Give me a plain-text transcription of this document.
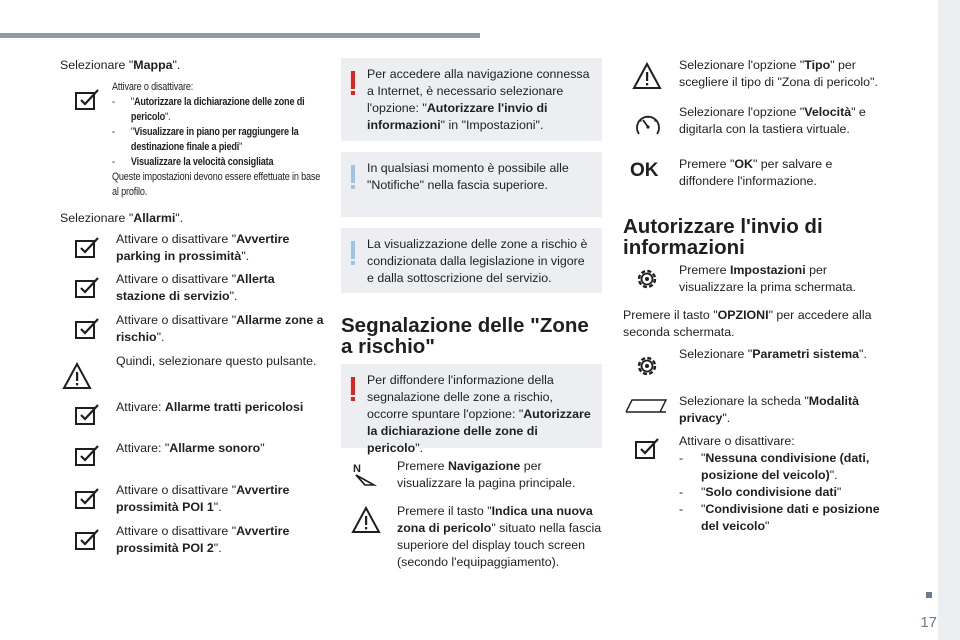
17
Selezionare "Mappa".
Attivare o disattivare:
- "Autorizzare la dichiarazione delle zone di pericolo".
- "Visualizzare in piano per raggiungere la destinazione finale a piedi"
- Visualizzare la velocità consigliata
Queste impostazioni devono essere effettuate in base al profilo.
Selezionare "Allarmi".
Attivare o disattivare "Avvertire parking in prossimità".
Attivare o disattivare "Allerta stazione di servizio".
Attivare o disattivare "Allarme zone a rischio".
Quindi, selezionare questo pulsante.
Attivare: Allarme tratti pericolosi
Attivare: "Allarme sonoro"
Attivare o disattivare "Avvertire prossimità POI 1".
Attivare o disattivare "Avvertire prossimità POI 2".

Per accedere alla navigazione connessa a Internet, è necessario selezionare l'opzione: "Autorizzare l'invio di informazioni" in "Impostazioni".

In qualsiasi momento è possibile alle "Notifiche" nella fascia superiore.

La visualizzazione delle zone a rischio è condizionata dalla legislazione in vigore e dalla sottoscrizione del servizio.

Segnalazione delle "Zone a rischio"

Per diffondere l'informazione della segnalazione delle zone a rischio, occorre spuntare l'opzione: "Autorizzare la dichiarazione delle zone di pericolo".

N	Premere Navigazione per visualizzare la pagina principale.
Premere il tasto "Indica una nuova zona di pericolo" situato nella fascia superiore del display touch screen (secondo l'equipaggiamento).
Selezionare l'opzione "Tipo" per scegliere il tipo di "Zona di pericolo".
Selezionare l'opzione "Velocità" e digitarla con la tastiera virtuale.
OK	Premere "OK" per salvare e diffondere l'informazione.
Autorizzare l'invio di informazioni
Premere Impostazioni per visualizzare la prima schermata.
Premere il tasto "OPZIONI" per accedere alla seconda schermata.
Selezionare "Parametri sistema".
Selezionare la scheda "Modalità privacy".
Attivare o disattivare:
- "Nessuna condivisione (dati, posizione del veicolo)".
- "Solo condivisione dati"
- "Condivisione dati e posizione del veicolo"
